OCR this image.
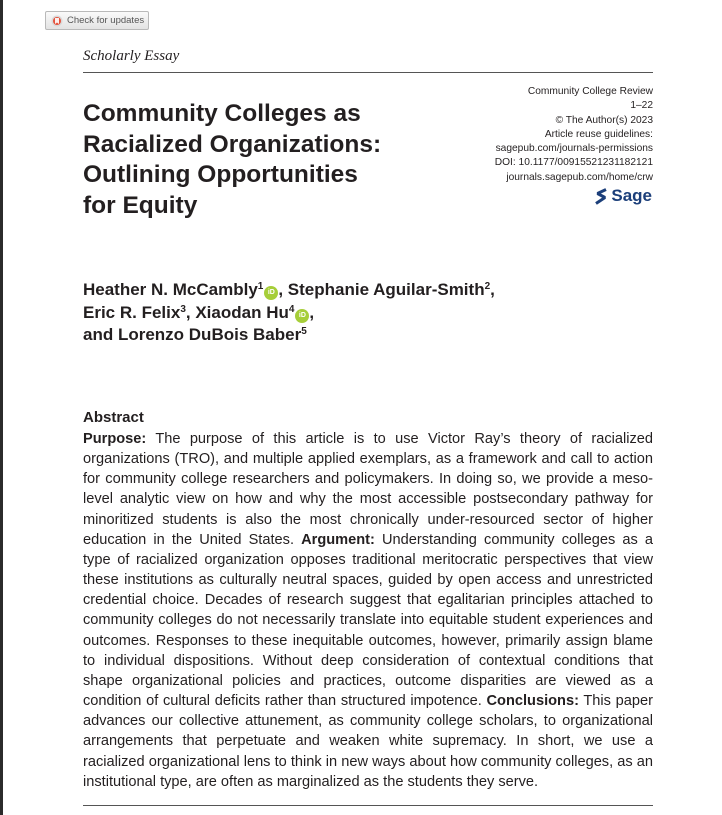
Check for updates
Scholarly Essay
Community Colleges as
Racialized Organizations:
Outlining Opportunities
for Equity
Community College Review
1–22
© The Author(s) 2023
Article reuse guidelines:
sagepub.com/journals-permissions
DOI: 10.1177/00915521231182121
journals.sagepub.com/home/crw
Sage
Heather N. McCambly$^1$iD , Stephanie Aguilar-Smith$^2$,
Eric R. Felix$^3$, Xiaodan Hu$^4$iD ,
and Lorenzo DuBois Baber$^5$
Abstract

Purpose: The purpose of this article is to use Victor Ray’s theory of racialized organizations (TRO), and multiple applied exemplars, as a framework and call to action for community college researchers and policymakers. In doing so, we provide a meso-level analytic view on how and why the most accessible postsecondary pathway for minoritized students is also the most chronically under-resourced sector of higher education in the United States. Argument: Understanding community colleges as a type of racialized organization opposes traditional meritocratic perspectives that view these institutions as culturally neutral spaces, guided by open access and unrestricted credential choice. Decades of research suggest that egalitarian principles attached to community colleges do not necessarily translate into equitable student experiences and outcomes. Responses to these inequitable outcomes, however, primarily assign blame to individual dispositions. Without deep consideration of contextual conditions that shape organizational policies and practices, outcome disparities are viewed as a condition of cultural deficits rather than structured impotence. Conclusions: This paper advances our collective attunement, as community college scholars, to organizational arrangements that perpetuate and weaken white supremacy. In short, we use a racialized organizational lens to think in new ways about how community colleges, as an institutional type, are often as marginalized as the students they serve.
